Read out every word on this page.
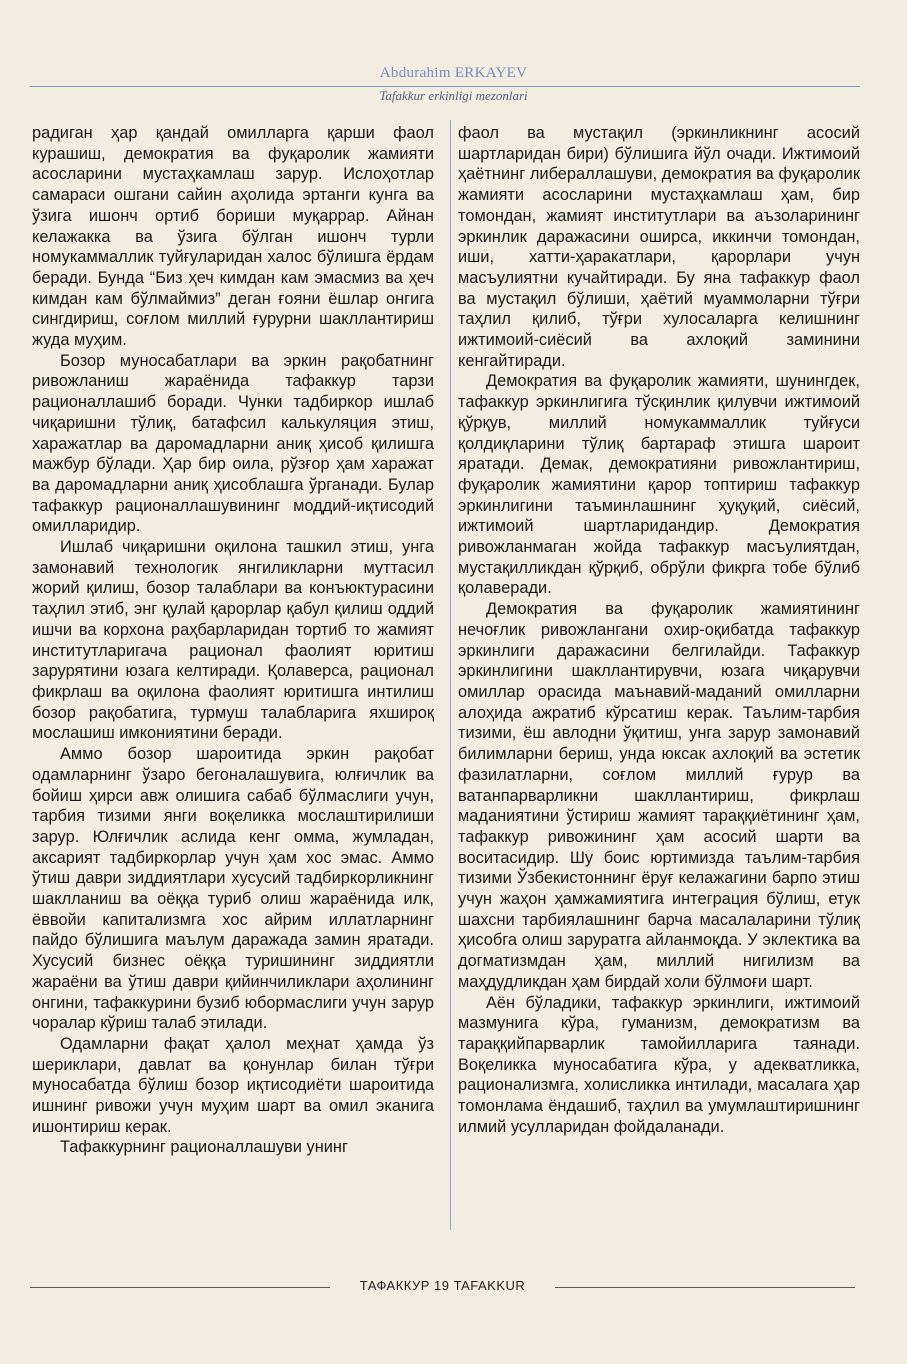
Abdurahim ERKAYEV
Tafakkur erkinligi mezonlari

радиган ҳар қандай омилларга қарши фаол курашиш, демократия ва фуқаролик жамияти асосларини мустаҳкамлаш зарур. Ислоҳотлар самараси ошгани сайин аҳолида эртанги кунга ва ўзига ишонч ортиб бориши муқаррар. Айнан келажакка ва ўзига бўлган ишонч турли номукаммаллик туйғуларидан халос бўлишга ёрдам беради. Бунда “Биз ҳеч кимдан кам эмасмиз ва ҳеч кимдан кам бўлмаймиз” деган ғояни ёшлар онгига сингдириш, соғлом миллий ғурурни шакллантириш жуда муҳим.

Бозор муносабатлари ва эркин рақобатнинг ривожланиш жараёнида тафаккур тарзи рационаллашиб боради. Чунки тадбиркор ишлаб чиқаришни тўлиқ, батафсил калькуляция этиш, харажатлар ва даромадларни аниқ ҳисоб қилишга мажбур бўлади. Ҳар бир оила, рўзғор ҳам харажат ва даромадларни аниқ ҳисоблашга ўрганади. Булар тафаккур рационаллашувининг моддий-иқтисодий омилларидир.

Ишлаб чиқаришни оқилона ташкил этиш, унга замонавий технологик янгиликларни муттасил жорий қилиш, бозор талаблари ва конъюктурасини таҳлил этиб, энг қулай қарорлар қабул қилиш оддий ишчи ва корхона раҳбарларидан тортиб то жамият институтларигача рационал фаолият юритиш зарурятини юзага келтиради. Қолаверса, рационал фикрлаш ва оқилона фаолият юритишга интилиш бозор рақобатига, турмуш талабларига яхшироқ мослашиш имкониятини беради.

Аммо бозор шароитида эркин рақобат одамларнинг ўзаро бегоналашувига, юлғичлик ва бойиш ҳирси авж олишига сабаб бўлмаслиги учун, тарбия тизими янги воқеликка мослаштирилиши зарур. Юлғичлик аслида кенг омма, жумладан, аксарият тадбиркорлар учун ҳам хос эмас. Аммо ўтиш даври зиддиятлари хусусий тадбиркорликнинг шаклланиш ва оёққа туриб олиш жараёнида илк, ёввойи капитализмга хос айрим иллатларнинг пайдо бўлишига маълум даражада замин яратади. Хусусий бизнес оёққа туришининг зиддиятли жараёни ва ўтиш даври қийинчиликлари аҳолининг онгини, тафаккурини бузиб юбормаслиги учун зарур чоралар кўриш талаб этилади.

Одамларни фақат ҳалол меҳнат ҳамда ўз шериклари, давлат ва қонунлар билан тўғри муносабатда бўлиш бозор иқтисодиёти шароитида ишнинг ривожи учун муҳим шарт ва омил эканига ишонтириш керак.

Тафаккурнинг рационаллашуви унинг

фаол ва мустақил (эркинликнинг асосий шартларидан бири) бўлишига йўл очади. Ижтимоий ҳаётнинг либераллашуви, демократия ва фуқаролик жамияти асосларини мустаҳкамлаш ҳам, бир томондан, жамият институтлари ва аъзоларининг эркинлик даражасини оширса, иккинчи томондан, иши, хатти-ҳаракатлари, қарорлари учун масъулиятни кучайтиради. Бу яна тафаккур фаол ва мустақил бўлиши, ҳаётий муаммоларни тўғри таҳлил қилиб, тўғри хулосаларга келишнинг ижтимоий-сиёсий ва ахлоқий заминини кенгайтиради.

Демократия ва фуқаролик жамияти, шунингдек, тафаккур эркинлигига тўсқинлик қилувчи ижтимоий қўрқув, миллий номукаммаллик туйғуси қолдиқларини тўлиқ бартараф этишга шароит яратади. Демак, демократияни ривожлантириш, фуқаролик жамиятини қарор топтириш тафаккур эркинлигини таъминлашнинг ҳуқуқий, сиёсий, ижтимоий шартларидандир. Демократия ривожланмаган жойда тафаккур масъулиятдан, мустақилликдан қўрқиб, обрўли фикрга тобе бўлиб қолаверади.

Демократия ва фуқаролик жамиятининг нечоғлик ривожлангани охир-оқибатда тафаккур эркинлиги даражасини белгилайди. Тафаккур эркинлигини шакллантирувчи, юзага чиқарувчи омиллар орасида маънавий-маданий омилларни алоҳида ажратиб кўрсатиш керак. Таълим-тарбия тизими, ёш авлодни ўқитиш, унга зарур замонавий билимларни бериш, унда юксак ахлоқий ва эстетик фазилатларни, соғлом миллий ғурур ва ватанпарварликни шакллантириш, фикрлаш маданиятини ўстириш жамият тараққиётининг ҳам, тафаккур ривожининг ҳам асосий шарти ва воситасидир. Шу боис юртимизда таълим-тарбия тизими Ўзбекистоннинг ёруғ келажагини барпо этиш учун жаҳон ҳамжамиятига интеграция бўлиш, етук шахсни тарбиялашнинг барча масалаларини тўлиқ ҳисобга олиш заруратга айланмоқда. У эклектика ва догматизмдан ҳам, миллий нигилизм ва маҳдудликдан ҳам бирдай холи бўлмоғи шарт.

Аён бўладики, тафаккур эркинлиги, ижтимоий мазмунига кўра, гуманизм, демократизм ва тараққийпарварлик тамойилларига таянади. Воқеликка муносабатига кўра, у адекватликка, рационализмга, холисликка интилади, масалага ҳар томонлама ёндашиб, таҳлил ва умумлаштиришнинг илмий усулларидан фойдаланади.

ТАФАККУР 19 TAFAKKUR
